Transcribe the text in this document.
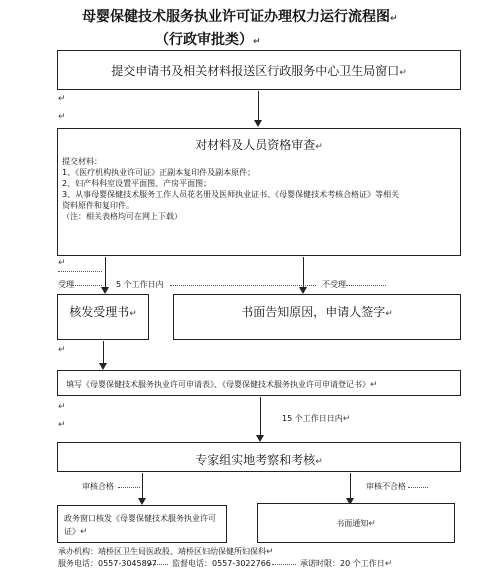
母婴保健技术服务执业许可证办理权力运行流程图↵
（行政审批类）↵
提交申请书及相关材料报送区行政服务中心卫生局窗口↵
↵
↵
对材料及人员资格审查↵
提交材料：
1、《医疗机构执业许可证》正副本复印件及副本原件；
2、妇产科科室设置平面图、产房平面图；
3、从事母婴保健技术服务工作人员花名册及医师执业证书、《母婴保健技术考核合格证》等相关
资料原件和复印件。
（注：相关表格均可在网上下载）
↵
受理	5 个工作日内	不受理
核发受理书↵	书面告知原因，申请人签字↵
↵
填写《母婴保健技术服务执业许可申请表》、《母婴保健技术服务执业许可申请登记书》↵
15 个工作日日内↵
↵
↵
专家组实地考察和考核↵
审核合格	审核不合格
政务窗口核发《母婴保健技术服务执业许可证》↵
书面通知↵
承办机构：靖桥区卫生局医政股、靖桥区妇幼保健所妇保科↵
服务电话：0557-3045897 监督电话：0557-3022766	承诺时限：20 个工作日↵
